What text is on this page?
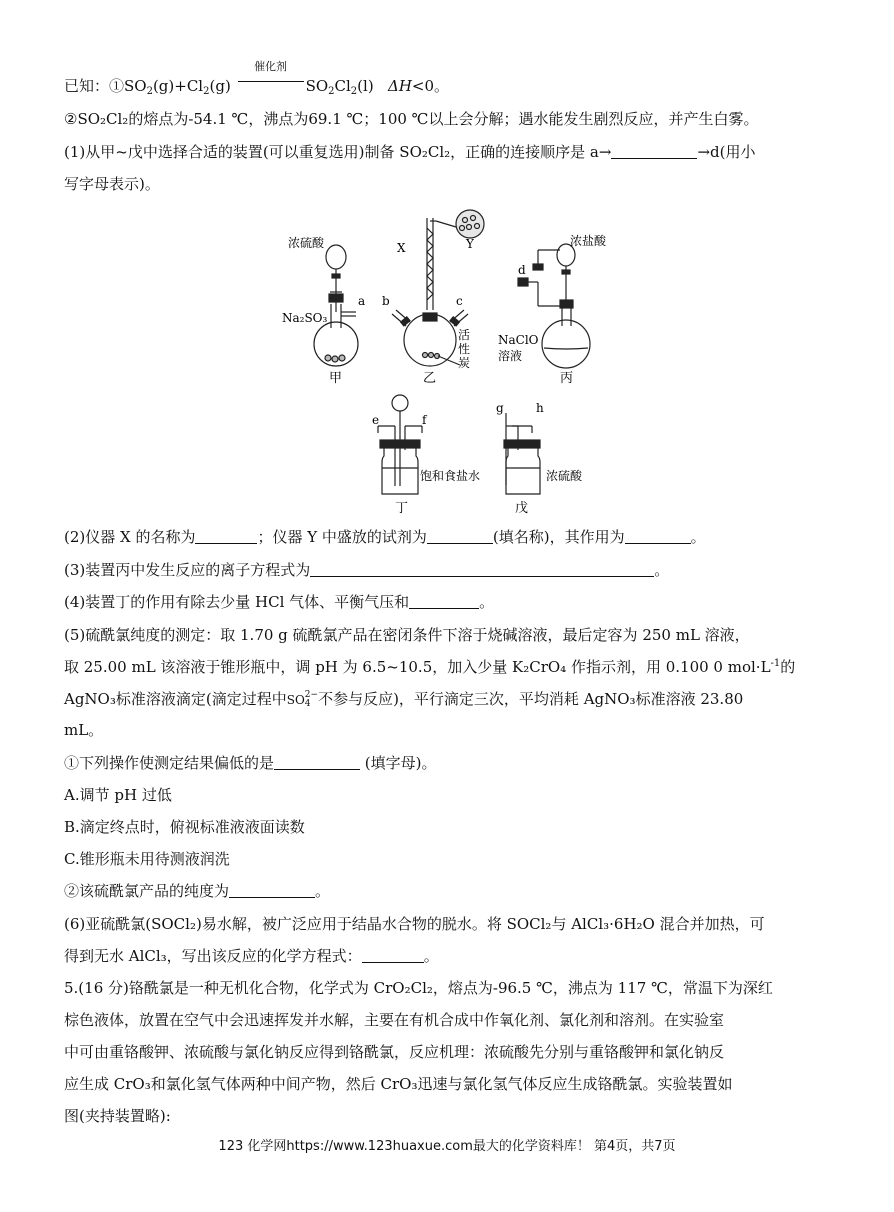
已知：$①SO_2(g)+Cl_2(g)$
催化剂
$SO_2Cl_2(l)$   ΔH<0。
②SO₂Cl₂的熔点为-54.1 ℃，沸点为69.1 ℃；100 ℃以上会分解；遇水能发生剧烈反应，并产生白雾。
(1)从甲~戊中选择合适的装置(可以重复选用)制备 SO₂Cl₂，正确的连接顺序是 a→	→d(用小
写字母表示)。
浓硫酸
Na₂SO₃
a
甲
X	Y
b	c
活
性
炭
乙
浓盐酸
d
NaClO
溶液
丙
e	f
饱和食盐水
丁
g	h
浓硫酸
戊
(2)仪器 X 的名称为	；仪器 Y 中盛放的试剂为	(填名称)，其作用为	。
(3)装置丙中发生反应的离子方程式为	。
(4)装置丁的作用有除去少量 HCl 气体、平衡气压和	。
(5)硫酰氯纯度的测定：取 1.70 g 硫酰氯产品在密闭条件下溶于烧碱溶液，最后定容为 250 mL 溶液，
取 25.00 mL 该溶液于锥形瓶中，调 pH 为 6.5~10.5，加入少量 K₂CrO₄ 作指示剂，用 0.100 0 $mol\cdot L^{-1}$的
AgNO₃标准溶液滴定(滴定过程中SO2−
4 不参与反应)，平行滴定三次，平均消耗 AgNO₃标准溶液 23.80
mL。
①下列操作使测定结果偏低的是	(填字母)。
A.调节 pH 过低
B.滴定终点时，俯视标准液液面读数
C.锥形瓶未用待测液润洗
②该硫酰氯产品的纯度为	。
(6)亚硫酰氯(SOCl₂)易水解，被广泛应用于结晶水合物的脱水。将 SOCl₂与 AlCl₃·6H₂O 混合并加热，可
得到无水 AlCl₃，写出该反应的化学方程式：	。
5.(16 分)铬酰氯是一种无机化合物，化学式为 CrO₂Cl₂，熔点为-96.5 ℃，沸点为 117 ℃，常温下为深红
棕色液体，放置在空气中会迅速挥发并水解，主要在有机合成中作氧化剂、氯化剂和溶剂。在实验室
中可由重铬酸钾、浓硫酸与氯化钠反应得到铬酰氯，反应机理：浓硫酸先分别与重铬酸钾和氯化钠反
应生成 CrO₃和氯化氢气体两种中间产物，然后 CrO₃迅速与氯化氢气体反应生成铬酰氯。实验装置如
图(夹持装置略):
123 化学网https://www.123huaxue.com最大的化学资料库！ 第4页，共7页
